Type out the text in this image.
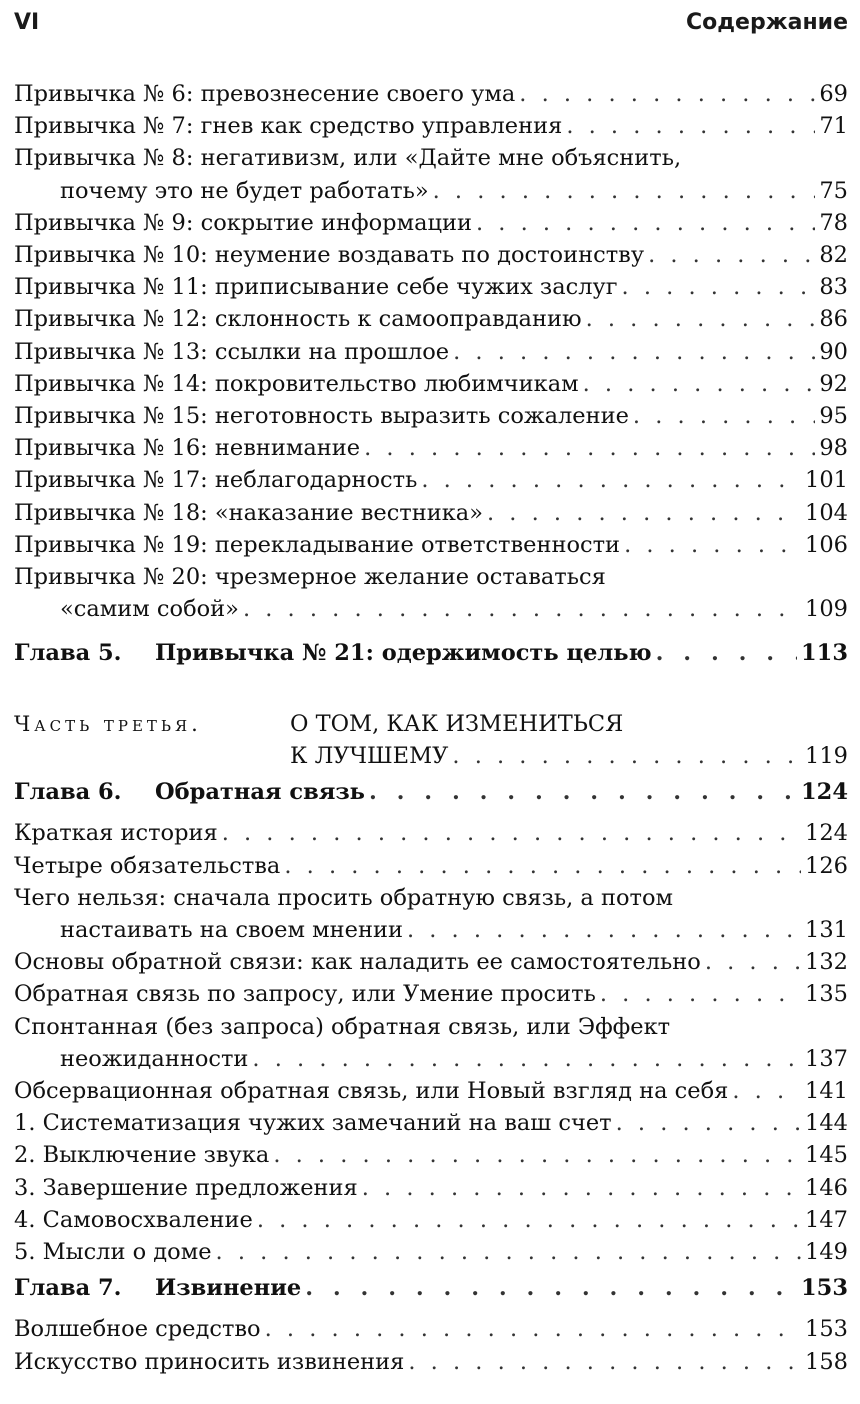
VI	Содержание
Привычка № 6: превознесение своего ума . . .	69
Привычка № 7: гнев как средство управления . . .	71
Привычка № 8: негативизм, или «Дайте мне объяснить,
почему это не будет работать» . . .	75
Привычка № 9: сокрытие информации . . .	78
Привычка № 10: неумение воздавать по достоинству . . .	82
Привычка № 11: приписывание себе чужих заслуг . . .	83
Привычка № 12: склонность к самооправданию . . .	86
Привычка № 13: ссылки на прошлое . . .	90
Привычка № 14: покровительство любимчикам . . .	92
Привычка № 15: неготовность выразить сожаление . . .	95
Привычка № 16: невнимание . . .	98
Привычка № 17: неблагодарность . . .	101
Привычка № 18: «наказание вестника» . . .	104
Привычка № 19: перекладывание ответственности . . .	106
Привычка № 20: чрезмерное желание оставаться
«самим собой» . . .	109
Глава 5. Привычка № 21: одержимость целью . . .	113
Часть третья.	О ТОМ, КАК ИЗМЕНИТЬСЯ
К ЛУЧШЕМУ . . .	119
Глава 6. Обратная связь . . .	124
Краткая история . . .	124
Четыре обязательства . . .	126
Чего нельзя: сначала просить обратную связь, а потом
настаивать на своем мнении . . .	131
Основы обратной связи: как наладить ее самостоятельно . . .	132
Обратная связь по запросу, или Умение просить . . .	135
Спонтанная (без запроса) обратная связь, или Эффект
неожиданности . . .	137
Обсервационная обратная связь, или Новый взгляд на себя . . .	141
1. Систематизация чужих замечаний на ваш счет . . .	144
2. Выключение звука . . .	145
3. Завершение предложения . . .	146
4. Самовосхваление . . .	147
5. Мысли о доме . . .	149
Глава 7. Извинение . . .	153
Волшебное средство . . .	153
Искусство приносить извинения . . .	158
